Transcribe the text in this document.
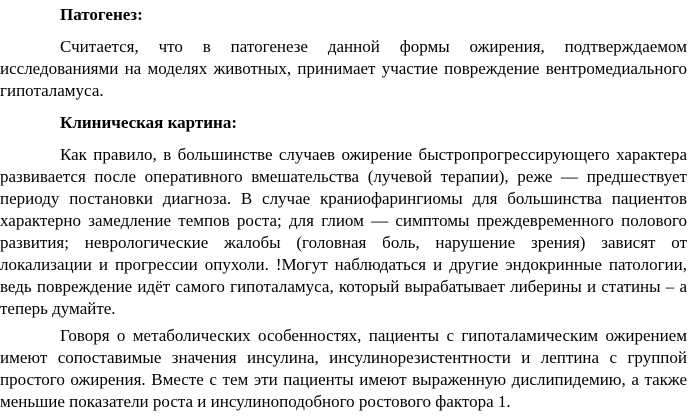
Патогенез:

Считается, что в патогенезе данной формы ожирения, подтверждаемом исследованиями на моделях животных, принимает участие повреждение вентромедиального гипоталамуса.

Клиническая картина:

Как правило, в большинстве случаев ожирение быстропрогрессирующего характера развивается после оперативного вмешательства (лучевой терапии), реже — предшествует периоду постановки диагноза. В случае краниофарингиомы для большинства пациентов характерно замедление темпов роста; для глиом — симптомы преждевременного полового развития; неврологические жалобы (головная боль, нарушение зрения) зависят от локализации и прогрессии опухоли. !Могут наблюдаться и другие эндокринные патологии, ведь повреждение идёт самого гипоталамуса, который вырабатывает либерины и статины – а теперь думайте.

Говоря о метаболических особенностях, пациенты с гипоталамическим ожирением имеют сопоставимые значения инсулина, инсулинорезистентности и лептина с группой простого ожирения. Вместе с тем эти пациенты имеют выраженную дислипидемию, а также меньшие показатели роста и инсулиноподобного ростового фактора 1.
